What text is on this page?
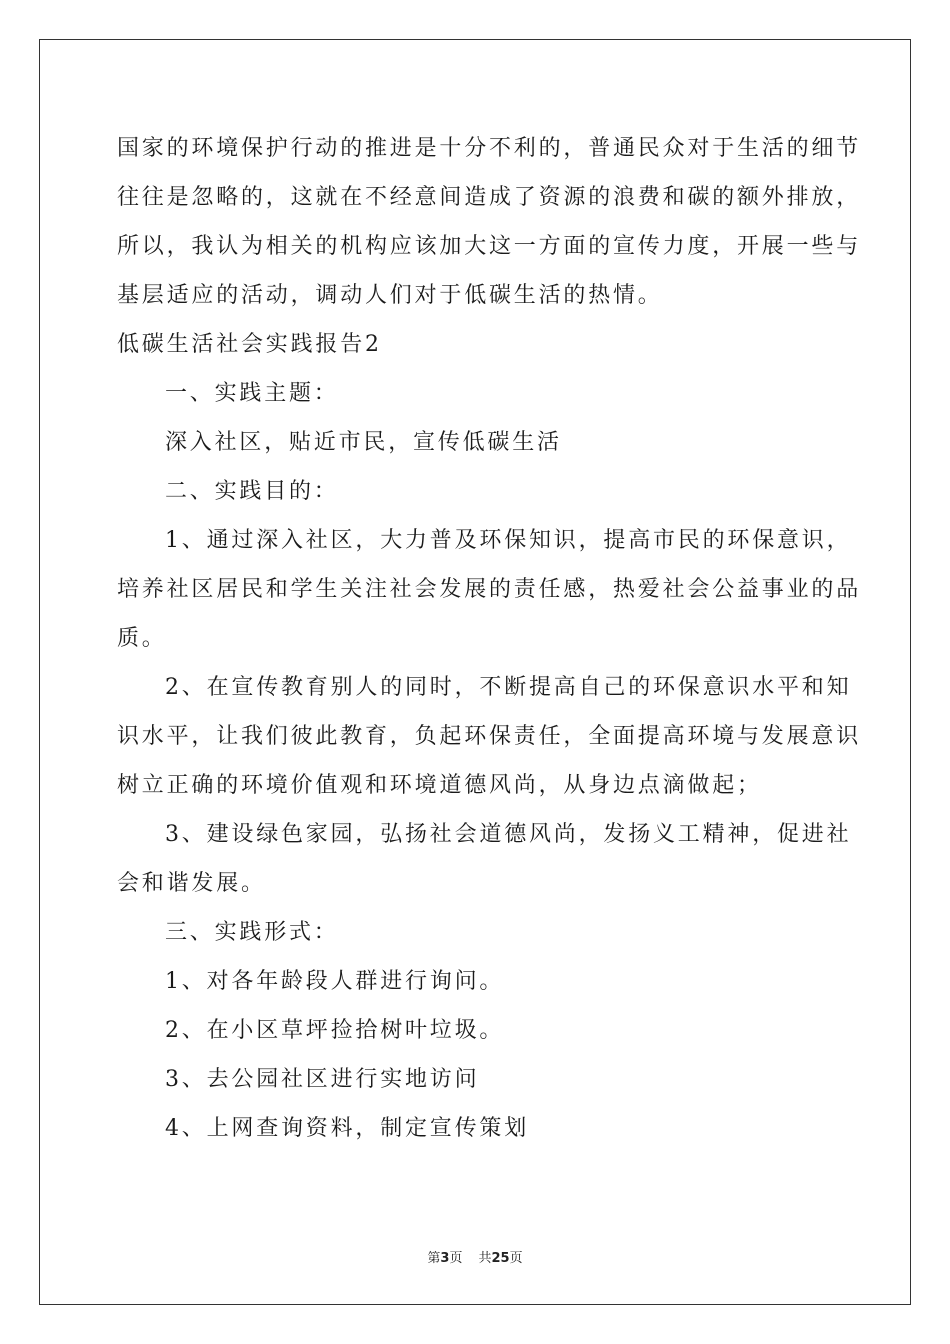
国家的环境保护行动的推进是十分不利的，普通民众对于生活的细节
往往是忽略的，这就在不经意间造成了资源的浪费和碳的额外排放，
所以，我认为相关的机构应该加大这一方面的宣传力度，开展一些与
基层适应的活动，调动人们对于低碳生活的热情。
低碳生活社会实践报告2
一、实践主题：
深入社区，贴近市民，宣传低碳生活
二、实践目的：
1、通过深入社区，大力普及环保知识，提高市民的环保意识，
培养社区居民和学生关注社会发展的责任感，热爱社会公益事业的品
质。
2、在宣传教育别人的同时，不断提高自己的环保意识水平和知
识水平，让我们彼此教育，负起环保责任，全面提高环境与发展意识
树立正确的环境价值观和环境道德风尚，从身边点滴做起；
3、建设绿色家园，弘扬社会道德风尚，发扬义工精神，促进社
会和谐发展。
三、实践形式：
1、对各年龄段人群进行询问。
2、在小区草坪捡拾树叶垃圾。
3、去公园社区进行实地访问
4、上网查询资料，制定宣传策划
第3页 共25页
